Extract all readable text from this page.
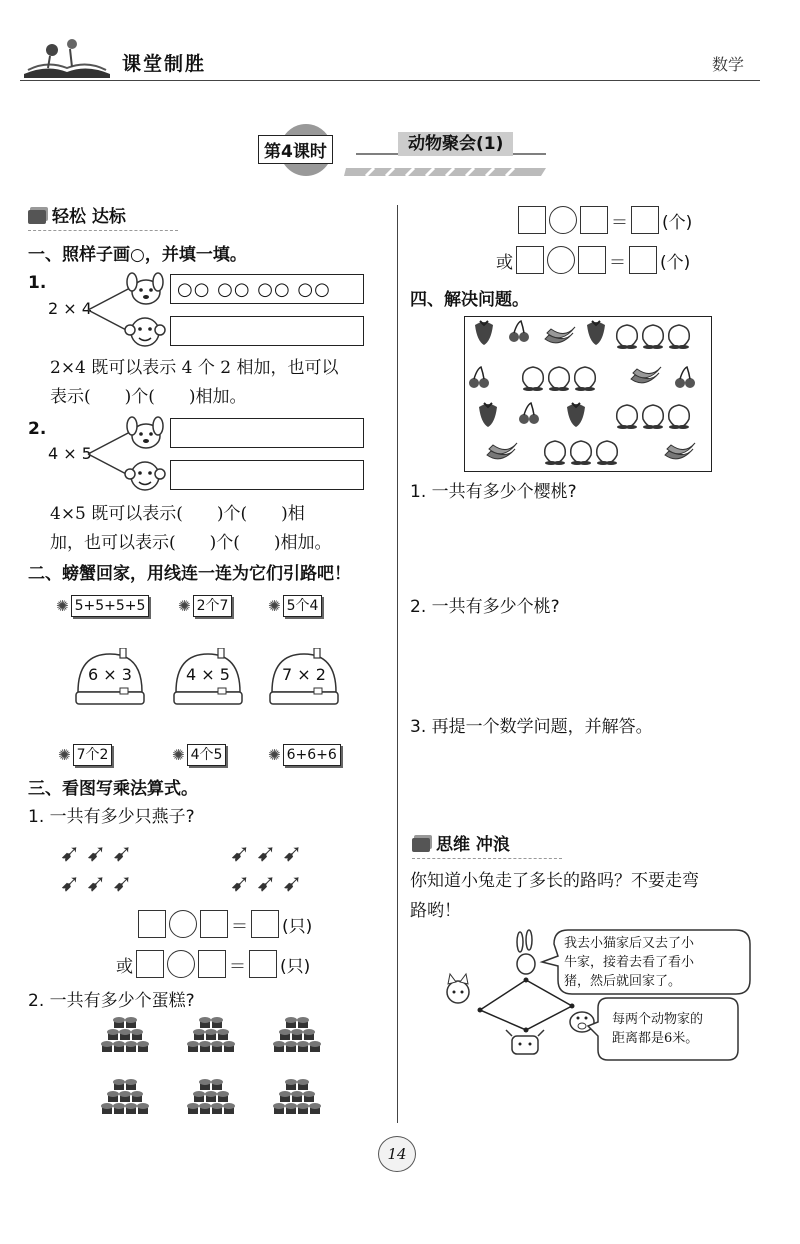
课堂制胜	数学
第4课时	动物聚会(1)
轻松 达标
一、照样子画○，并填一填。
1.
2 × 4
○○ ○○ ○○ ○○
2×4 既可以表示 4 个 2 相加，也可以
表示(　　)个(　　)相加。
2.
4 × 5
4×5 既可以表示(　　)个(　　)相
加，也可以表示(　　)个(　　)相加。
二、螃蟹回家，用线连一连为它们引路吧！
✺ 5+5+5+5 ✺ 2个7	✺ 5个4
6 × 3	4 × 5	7 × 2
✺ 7个2	✺ 4个5	✺ 6+6+6
三、看图写乘法算式。
1. 一共有多少只燕子?
➹➹➹
➹➹➹
➹➹➹
➹➹➹
＝ (只)
或	＝ (只)
2. 一共有多少个蛋糕?
＝ (个)
或	＝ (个)
四、解决问题。
1. 一共有多少个樱桃?
2. 一共有多少个桃?
3. 再提一个数学问题，并解答。
思维 冲浪
你知道小兔走了多长的路吗？不要走弯
路哟！
我去小猫家后又去了小
牛家，接着去看了看小
猪，然后就回家了。
每两个动物家的
距离都是6米。
14
